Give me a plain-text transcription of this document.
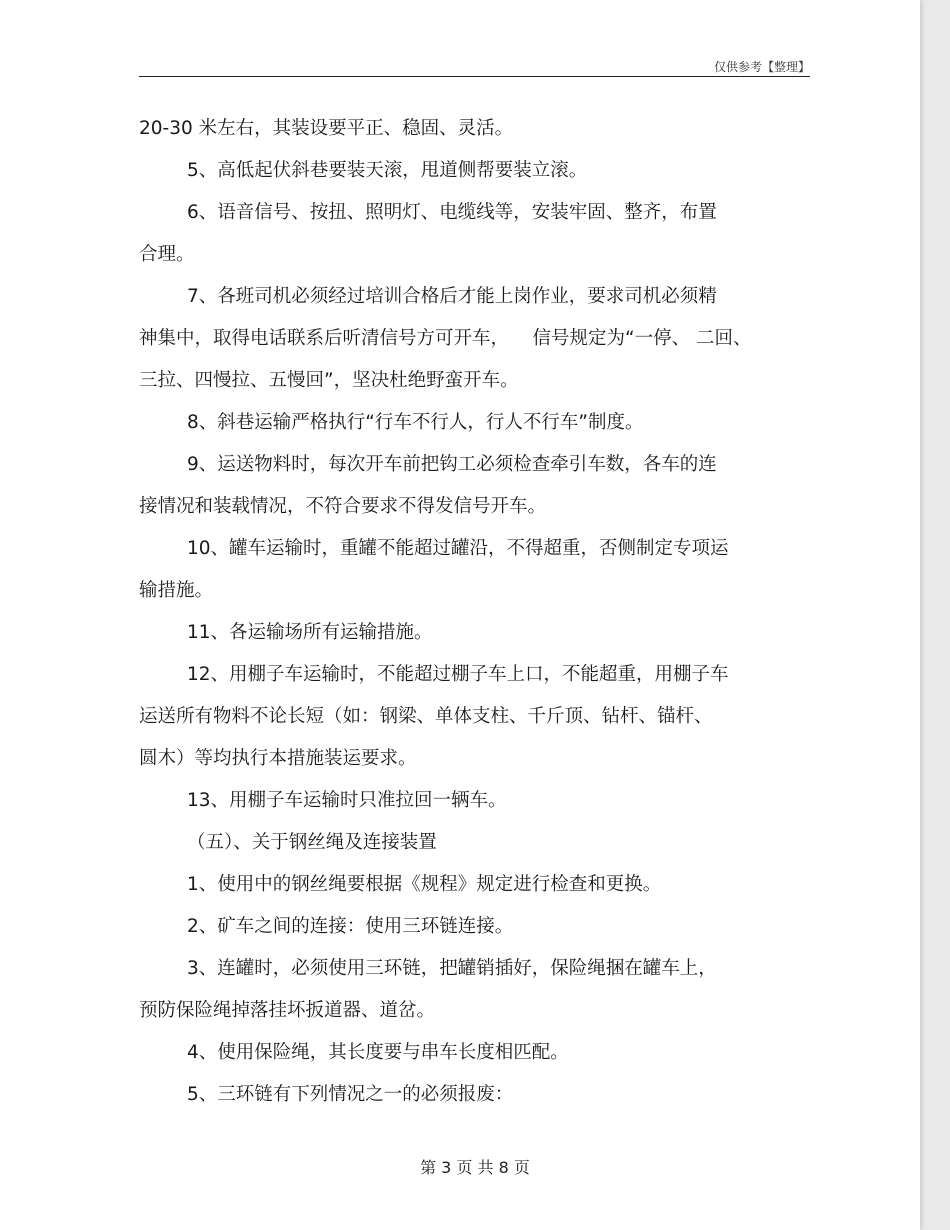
仅供参考【整理】
20-30 米左右，其装设要平正、稳固、灵活。
5、高低起伏斜巷要装天滚，甩道侧帮要装立滚。
6、语音信号、按扭、照明灯、电缆线等，安装牢固、整齐，布置
合理。
7、各班司机必须经过培训合格后才能上岗作业，要求司机必须精
神集中，取得电话联系后听清信号方可开车，    信号规定为“一停、 二回、
三拉、四慢拉、五慢回”，坚决杜绝野蛮开车。
8、斜巷运输严格执行“行车不行人，行人不行车”制度。
9、运送物料时，每次开车前把钩工必须检查牵引车数，各车的连
接情况和装载情况，不符合要求不得发信号开车。
10、罐车运输时，重罐不能超过罐沿，不得超重，否侧制定专项运
输措施。
11、各运输场所有运输措施。
12、用棚子车运输时，不能超过棚子车上口，不能超重，用棚子车
运送所有物料不论长短（如：钢梁、单体支柱、千斤顶、钻杆、锚杆、
圆木）等均执行本措施装运要求。
13、用棚子车运输时只准拉回一辆车。
（五）、关于钢丝绳及连接装置
1、使用中的钢丝绳要根据《规程》规定进行检查和更换。
2、矿车之间的连接：使用三环链连接。
3、连罐时，必须使用三环链，把罐销插好，保险绳捆在罐车上，
预防保险绳掉落挂坏扳道器、道岔。
4、使用保险绳，其长度要与串车长度相匹配。
5、三环链有下列情况之一的必须报废：
第 3 页 共 8 页
